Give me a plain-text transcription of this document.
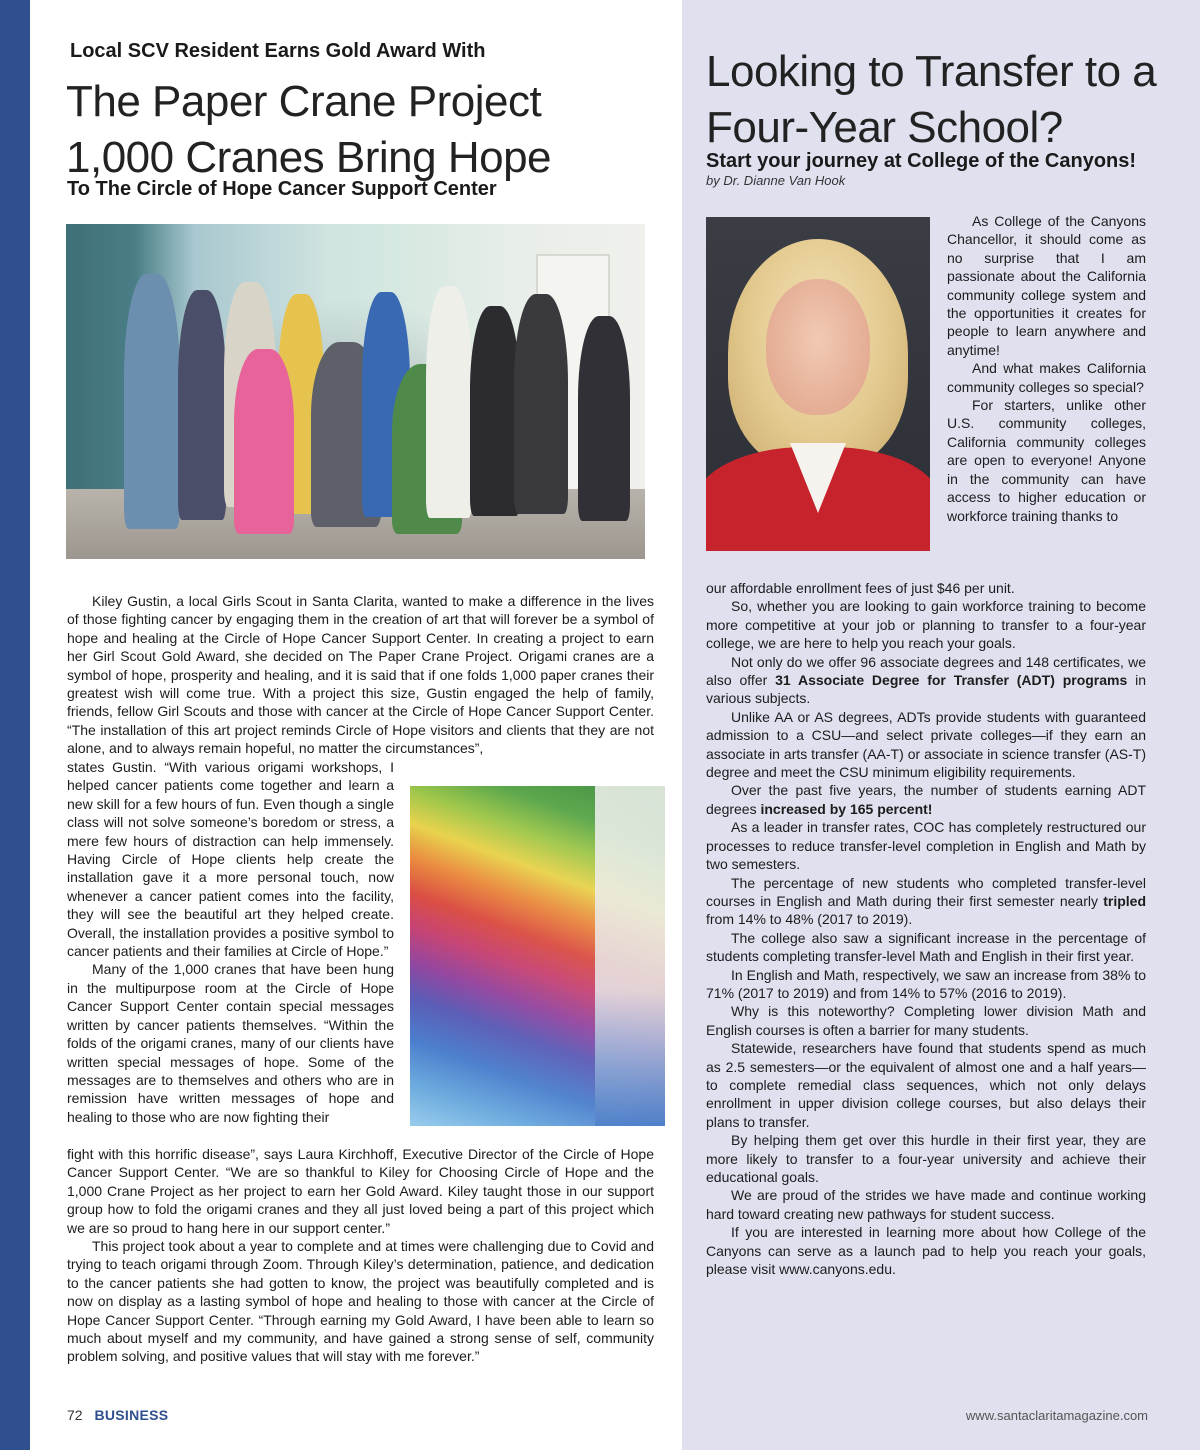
Local SCV Resident Earns Gold Award With
The Paper Crane Project
1,000 Cranes Bring Hope
To The Circle of Hope Cancer Support Center

Kiley Gustin, a local Girls Scout in Santa Clarita, wanted to make a difference in the lives of those fighting cancer by engaging them in the creation of art that will forever be a symbol of hope and healing at the Circle of Hope Cancer Support Center. In creating a project to earn her Girl Scout Gold Award, she decided on The Paper Crane Project. Origami cranes are a symbol of hope, prosperity and healing, and it is said that if one folds 1,000 paper cranes their greatest wish will come true. With a project this size, Gustin engaged the help of family, friends, fellow Girl Scouts and those with cancer at the Circle of Hope Cancer Support Center. “The installation of this art project reminds Circle of Hope visitors and clients that they are not alone, and to always remain hopeful, no matter the circumstances”,

states Gustin. “With various origami workshops, I helped cancer patients come together and learn a new skill for a few hours of fun. Even though a single class will not solve someone’s boredom or stress, a mere few hours of distraction can help immensely. Having Circle of Hope clients help create the installation gave it a more personal touch, now whenever a cancer patient comes into the facility, they will see the beautiful art they helped create. Overall, the installation provides a positive symbol to cancer patients and their families at Circle of Hope.”

Many of the 1,000 cranes that have been hung in the multipurpose room at the Circle of Hope Cancer Support Center contain special messages written by cancer patients themselves. “Within the folds of the origami cranes, many of our clients have written special messages of hope. Some of the messages are to themselves and others who are in remission have written messages of hope and healing to those who are now fighting their

fight with this horrific disease”, says Laura Kirchhoff, Executive Director of the Circle of Hope Cancer Support Center. “We are so thankful to Kiley for Choosing Circle of Hope and the 1,000 Crane Project as her project to earn her Gold Award. Kiley taught those in our support group how to fold the origami cranes and they all just loved being a part of this project which we are so proud to hang here in our support center.”

This project took about a year to complete and at times were challenging due to Covid and trying to teach origami through Zoom. Through Kiley’s determination, patience, and dedication to the cancer patients she had gotten to know, the project was beautifully completed and is now on display as a lasting symbol of hope and healing to those with cancer at the Circle of Hope Cancer Support Center. “Through earning my Gold Award, I have been able to learn so much about myself and my community, and have gained a strong sense of self, community problem solving, and positive values that will stay with me forever.”

72 BUSINESS
Looking to Transfer to a
Four-Year School?
Start your journey at College of the Canyons!
by Dr. Dianne Van Hook

As College of the Canyons Chancellor, it should come as no surprise that I am passionate about the California community college system and the opportunities it creates for people to learn anywhere and anytime!

And what makes California community colleges so special?

For starters, unlike other U.S. community colleges, California community colleges are open to everyone! Anyone in the community can have access to higher education or workforce training thanks to

our affordable enrollment fees of just $46 per unit.

So, whether you are looking to gain workforce training to become more competitive at your job or planning to transfer to a four-year college, we are here to help you reach your goals.

Not only do we offer 96 associate degrees and 148 certificates, we also offer 31 Associate Degree for Transfer (ADT) programs in various subjects.

Unlike AA or AS degrees, ADTs provide students with guaranteed admission to a CSU—and select private colleges—if they earn an associate in arts transfer (AA-T) or associate in science transfer (AS-T) degree and meet the CSU minimum eligibility requirements.

Over the past five years, the number of students earning ADT degrees increased by 165 percent!

As a leader in transfer rates, COC has completely restructured our processes to reduce transfer-level completion in English and Math by two semesters.

The percentage of new students who completed transfer-level courses in English and Math during their first semester nearly tripled from 14% to 48% (2017 to 2019).

The college also saw a significant increase in the percentage of students completing transfer-level Math and English in their first year.

In English and Math, respectively, we saw an increase from 38% to 71% (2017 to 2019) and from 14% to 57% (2016 to 2019).

Why is this noteworthy? Completing lower division Math and English courses is often a barrier for many students.

Statewide, researchers have found that students spend as much as 2.5 semesters—or the equivalent of almost one and a half years—to complete remedial class sequences, which not only delays enrollment in upper division college courses, but also delays their plans to transfer.

By helping them get over this hurdle in their first year, they are more likely to transfer to a four-year university and achieve their educational goals.

We are proud of the strides we have made and continue working hard toward creating new pathways for student success.

If you are interested in learning more about how College of the Canyons can serve as a launch pad to help you reach your goals, please visit www.canyons.edu.

www.santaclaritamagazine.com
